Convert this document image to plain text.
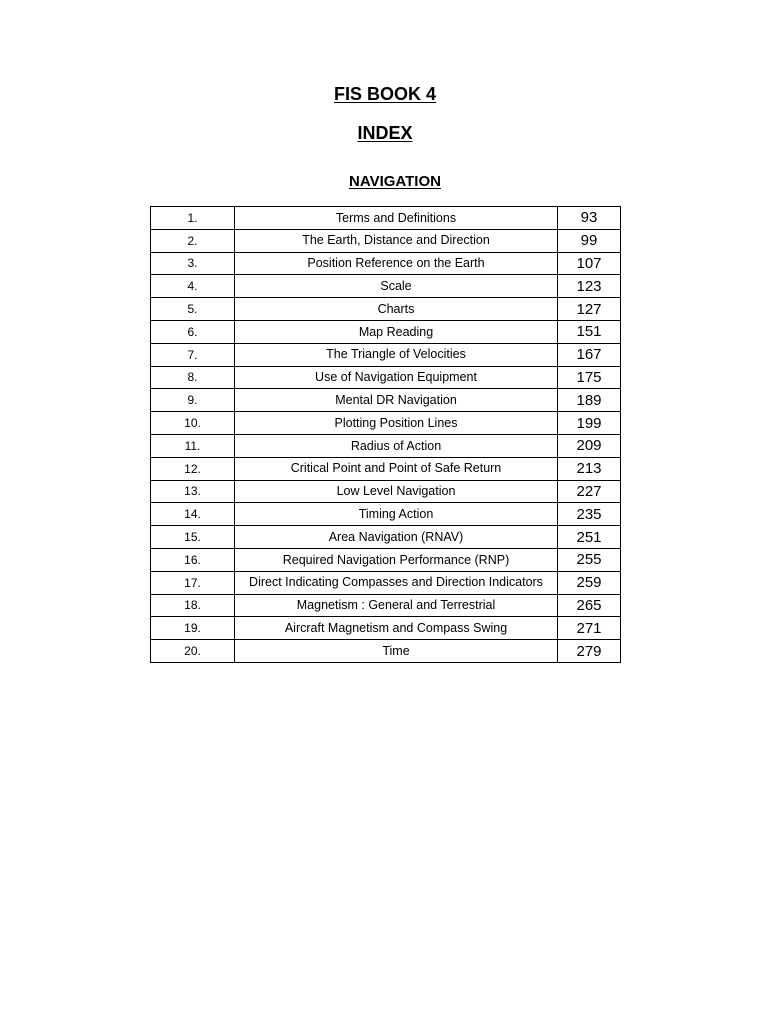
FIS BOOK 4
INDEX
NAVIGATION
1.	Terms and Definitions	93
2.	The Earth, Distance and Direction	99
3.	Position Reference on the Earth	107
4.	Scale	123
5.	Charts	127
6.	Map Reading	151
7.	The Triangle of Velocities	167
8.	Use of Navigation Equipment	175
9.	Mental DR Navigation	189
10.	Plotting Position Lines	199
11.	Radius of Action	209
12.	Critical Point and Point of Safe Return	213
13.	Low Level Navigation	227
14.	Timing Action	235
15.	Area Navigation (RNAV)	251
16.	Required Navigation Performance (RNP)	255
17.	Direct Indicating Compasses and Direction Indicators	259
18.	Magnetism : General and Terrestrial	265
19.	Aircraft Magnetism and Compass Swing	271
20.	Time	279
